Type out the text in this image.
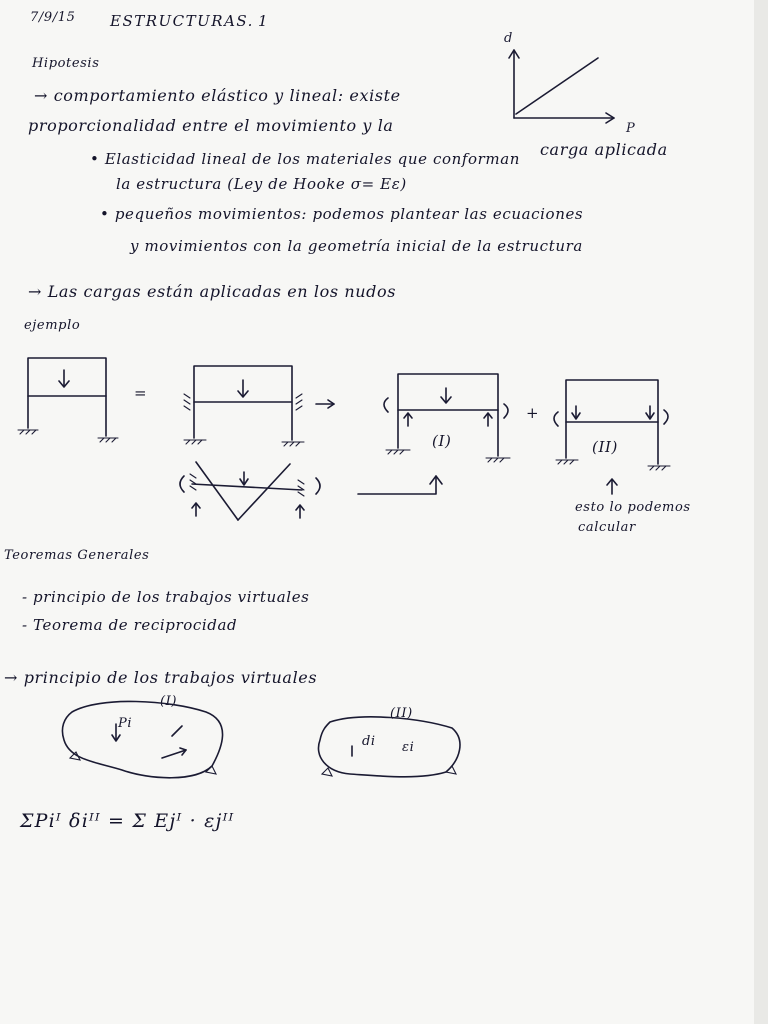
7/9/15 ESTRUCTURAS. 1
Hipotesis
→ comportamiento elástico y lineal: existe
proporcionalidad entre el movimiento y la
carga aplicada
• Elasticidad lineal de los materiales que conforman
la estructura (Ley de Hooke σ= Eε)
• pequeños movimientos: podemos plantear las ecuaciones
y movimientos con la geometría inicial de la estructura
→ Las cargas están aplicadas en los nudos
ejemplo
=
+
(I)	(II)
esto lo podemos
calcular
Teoremas Generales
- principio de los trabajos virtuales
- Teorema de reciprocidad
→ principio de los trabajos virtuales
(I)
(II)
Pi
di εi
ΣPiᴵ δiᴵᴵ = Σ Ejᴵ · εjᴵᴵ
d
P
